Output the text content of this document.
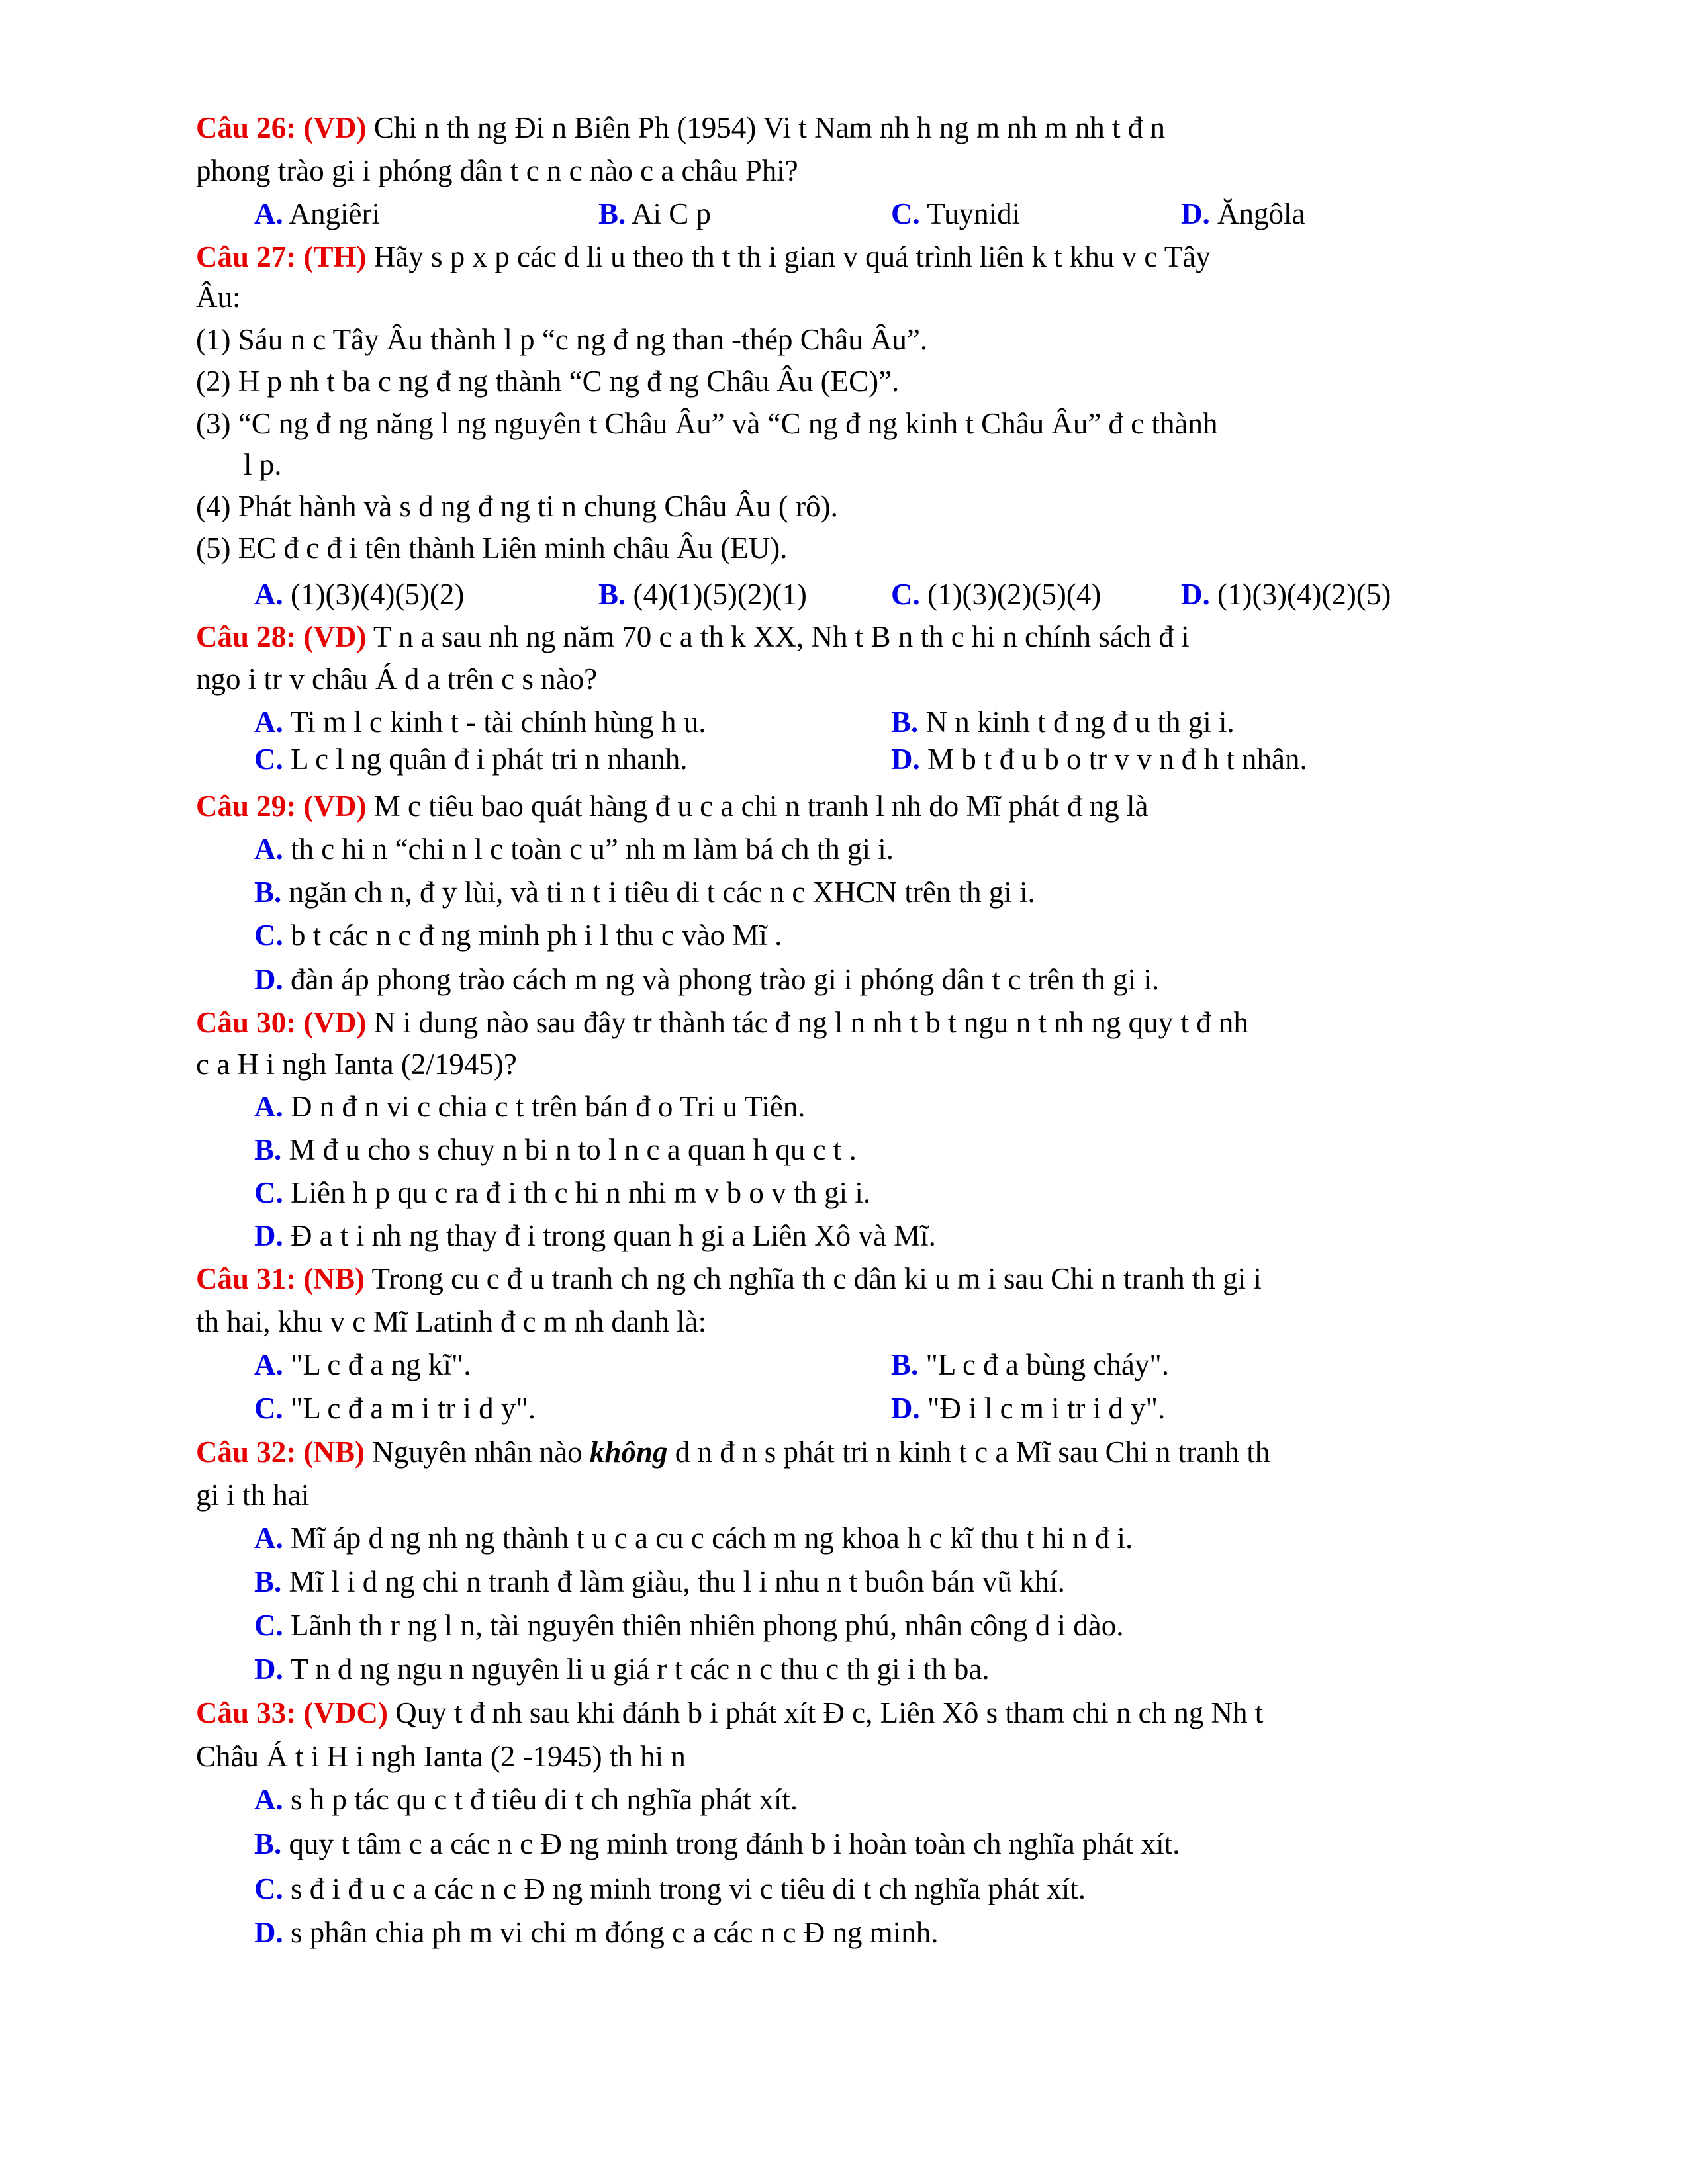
Câu 26: (VD) Chi n th ng Đi n Biên Ph (1954) Vi t Nam nh h ng m nh m nh t đ n
phong trào gi i phóng dân t c n c nào c a châu Phi?
A. Angiêri	B. Ai C p	C. Tuynidi	D. Ăngôla
Câu 27: (TH) Hãy s p x p các d li u theo th t th i gian v quá trình liên k t khu v c Tây
Âu:
(1) Sáu n c Tây Âu thành l p “c ng đ ng than -thép Châu Âu”.
(2) H p nh t ba c ng đ ng thành “C ng đ ng Châu Âu (EC)”.
(3) “C ng đ ng năng l ng nguyên t Châu Âu” và “C ng đ ng kinh t Châu Âu” đ c thành
l p.
(4) Phát hành và s d ng đ ng ti n chung Châu Âu ( rô).
(5) EC đ c đ i tên thành Liên minh châu Âu (EU).
A. (1)(3)(4)(5)(2)	B. (4)(1)(5)(2)(1)	C. (1)(3)(2)(5)(4)	D. (1)(3)(4)(2)(5)
Câu 28: (VD) T n a sau nh ng năm 70 c a th k XX, Nh t B n th c hi n chính sách đ i
ngo i tr v châu Á d a trên c s nào?
A. Ti m l c kinh t - tài chính hùng h u.	B. N n kinh t đ ng đ u th gi i.
C. L c l ng quân đ i phát tri n nhanh.	D. M b t đ u b o tr v v n đ h t nhân.
Câu 29: (VD) M c tiêu bao quát hàng đ u c a chi n tranh l nh do Mĩ phát đ ng là
A. th c hi n “chi n l c toàn c u” nh m làm bá ch th gi i.
B. ngăn ch n, đ y lùi, và ti n t i tiêu di t các n c XHCN trên th gi i.
C. b t các n c đ ng minh ph i l thu c vào Mĩ .
D. đàn áp phong trào cách m ng và phong trào gi i phóng dân t c trên th gi i.
Câu 30: (VD) N i dung nào sau đây tr thành tác đ ng l n nh t b t ngu n t nh ng quy t đ nh
c a H i ngh Ianta (2/1945)?
A. D n đ n vi c chia c t trên bán đ o Tri u Tiên.
B. M đ u cho s chuy n bi n to l n c a quan h qu c t .
C. Liên h p qu c ra đ i th c hi n nhi m v b o v th gi i.
D. Đ a t i nh ng thay đ i trong quan h gi a Liên Xô và Mĩ.
Câu 31: (NB) Trong cu c đ u tranh ch ng ch nghĩa th c dân ki u m i sau Chi n tranh th gi i
th hai, khu v c Mĩ Latinh đ c m nh danh là:
A. "L c đ a ng kĩ".	B. "L c đ a bùng cháy".
C. "L c đ a m i tr i d y".	D. "Đ i l c m i tr i d y".
Câu 32: (NB) Nguyên nhân nào không d n đ n s phát tri n kinh t c a Mĩ sau Chi n tranh th
gi i th hai
A. Mĩ áp d ng nh ng thành t u c a cu c cách m ng khoa h c kĩ thu t hi n đ i.
B. Mĩ l i d ng chi n tranh đ làm giàu, thu l i nhu n t buôn bán vũ khí.
C. Lãnh th r ng l n, tài nguyên thiên nhiên phong phú, nhân công d i dào.
D. T n d ng ngu n nguyên li u giá r t các n c thu c th gi i th ba.
Câu 33: (VDC) Quy t đ nh sau khi đánh b i phát xít Đ c, Liên Xô s tham chi n ch ng Nh t
Châu Á t i H i ngh Ianta (2 -1945) th hi n
A. s h p tác qu c t đ tiêu di t ch nghĩa phát xít.
B. quy t tâm c a các n c Đ ng minh trong đánh b i hoàn toàn ch nghĩa phát xít.
C. s đ i đ u c a các n c Đ ng minh trong vi c tiêu di t ch nghĩa phát xít.
D. s phân chia ph m vi chi m đóng c a các n c Đ ng minh.
